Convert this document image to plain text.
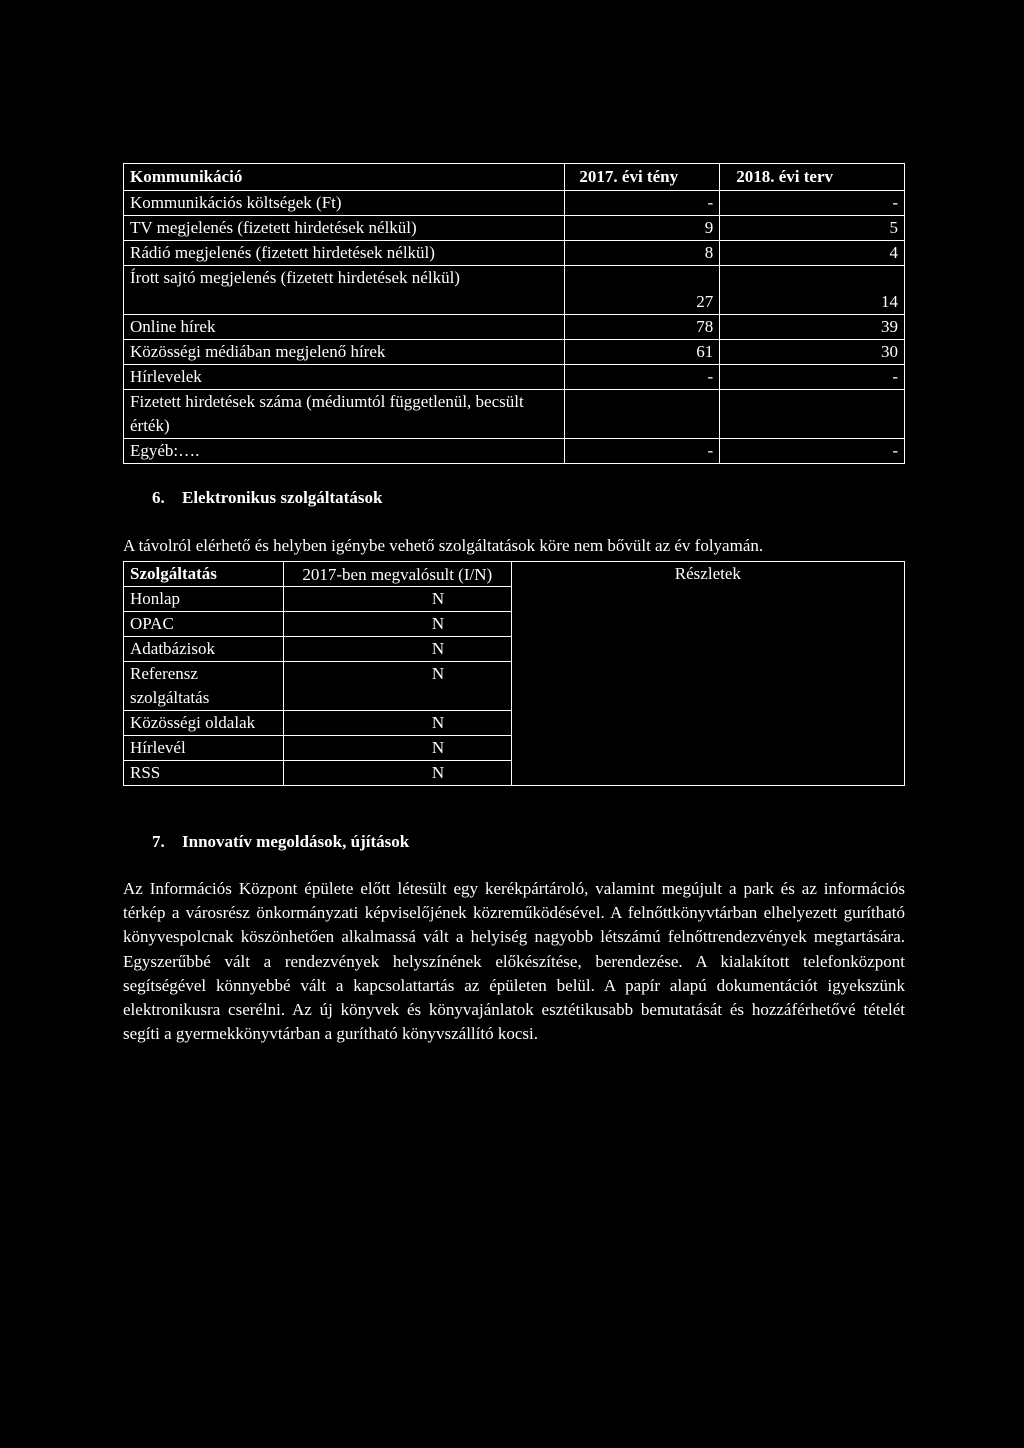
Kommunikáció	2017. évi tény	2018. évi terv
Kommunikációs költségek (Ft)	-	-
TV megjelenés (fizetett hirdetések nélkül)	9	5
Rádió megjelenés (fizetett hirdetések nélkül)	8	4
Írott sajtó megjelenés (fizetett hirdetések nélkül)	27	14
Online hírek	78	39
Közösségi médiában megjelenő hírek	61	30
Hírlevelek	-	-
Fizetett hirdetések száma (médiumtól függetlenül, becsült érték)		
Egyéb:….	-	-
6. Elektronikus szolgáltatások

A távolról elérhető és helyben igénybe vehető szolgáltatások köre nem bővült az év folyamán.

Szolgáltatás	2017-ben megvalósult (I/N)	Részletek
Honlap	N	
OPAC	N	
Adatbázisok	N	
Referensz szolgáltatás	N	
Közösségi oldalak	N	
Hírlevél	N	
RSS	N	
7. Innovatív megoldások, újítások

Az Információs Központ épülete előtt létesült egy kerékpártároló, valamint megújult a park és az információs térkép a városrész önkormányzati képviselőjének közreműködésével. A felnőttkönyvtárban elhelyezett gurítható könyvespolcnak köszönhetően alkalmassá vált a helyiség nagyobb létszámú felnőttrendezvények megtartására. Egyszerűbbé vált a rendezvények helyszínének előkészítése, berendezése. A kialakított telefonközpont segítségével könnyebbé vált a kapcsolattartás az épületen belül. A papír alapú dokumentációt igyekszünk elektronikusra cserélni. Az új könyvek és könyvajánlatok esztétikusabb bemutatását és hozzáférhetővé tételét segíti a gyermekkönyvtárban a gurítható könyvszállító kocsi.
